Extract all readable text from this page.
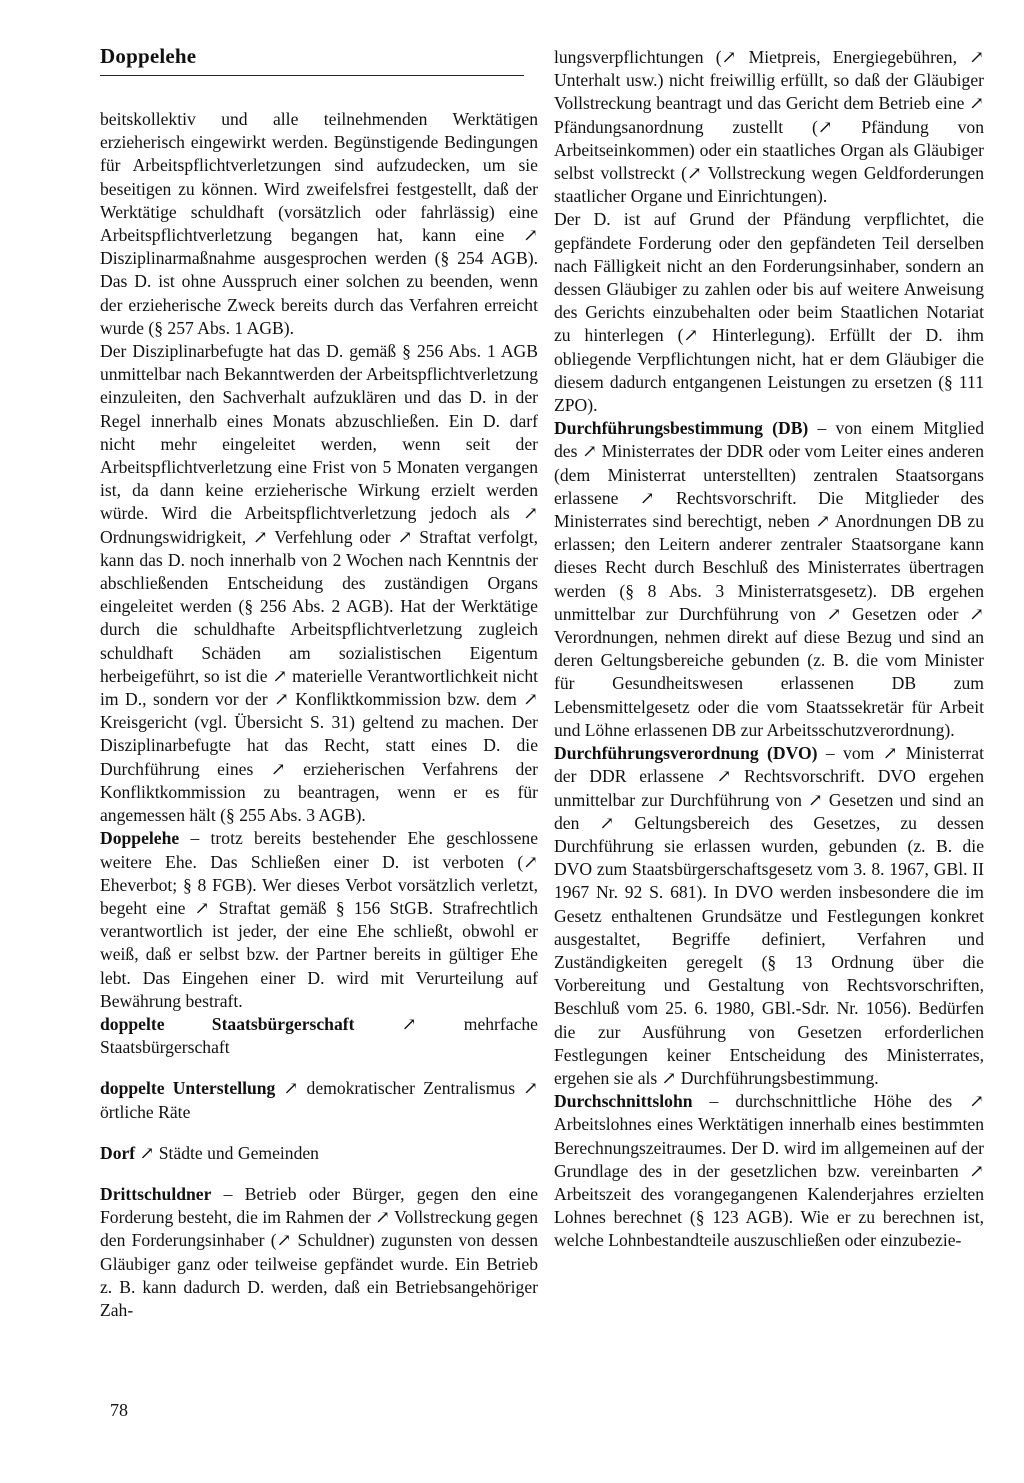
Doppelehe

beitskollektiv und alle teilnehmenden Werktätigen erzieherisch eingewirkt werden. Begünstigende Bedingungen für Arbeitspflichtverletzungen sind aufzudecken, um sie beseitigen zu können. Wird zweifelsfrei festgestellt, daß der Werktätige schuldhaft (vorsätzlich oder fahrlässig) eine Arbeitspflichtverletzung begangen hat, kann eine ↗ Disziplinarmaßnahme ausgesprochen werden (§ 254 AGB). Das D. ist ohne Ausspruch einer solchen zu beenden, wenn der erzieherische Zweck bereits durch das Verfahren erreicht wurde (§ 257 Abs. 1 AGB).

Der Disziplinarbefugte hat das D. gemäß § 256 Abs. 1 AGB unmittelbar nach Bekanntwerden der Arbeitspflichtverletzung einzuleiten, den Sachverhalt aufzuklären und das D. in der Regel innerhalb eines Monats abzuschließen. Ein D. darf nicht mehr eingeleitet werden, wenn seit der Arbeitspflichtverletzung eine Frist von 5 Monaten vergangen ist, da dann keine erzieherische Wirkung erzielt werden würde. Wird die Arbeitspflichtverletzung jedoch als ↗ Ordnungswidrigkeit, ↗ Verfehlung oder ↗ Straftat verfolgt, kann das D. noch innerhalb von 2 Wochen nach Kenntnis der abschließenden Entscheidung des zuständigen Organs eingeleitet werden (§ 256 Abs. 2 AGB). Hat der Werktätige durch die schuldhafte Arbeitspflichtverletzung zugleich schuldhaft Schäden am sozialistischen Eigentum herbeigeführt, so ist die ↗ materielle Verantwortlichkeit nicht im D., sondern vor der ↗ Konfliktkommission bzw. dem ↗ Kreisgericht (vgl. Übersicht S. 31) geltend zu machen. Der Disziplinarbefugte hat das Recht, statt eines D. die Durchführung eines ↗ erzieherischen Verfahrens der Konfliktkommission zu beantragen, wenn er es für angemessen hält (§ 255 Abs. 3 AGB).

Doppelehe – trotz bereits bestehender Ehe geschlossene weitere Ehe. Das Schließen einer D. ist verboten (↗ Eheverbot; § 8 FGB). Wer dieses Verbot vorsätzlich verletzt, begeht eine ↗ Straftat gemäß § 156 StGB. Strafrechtlich verantwortlich ist jeder, der eine Ehe schließt, obwohl er weiß, daß er selbst bzw. der Partner bereits in gültiger Ehe lebt. Das Eingehen einer D. wird mit Verurteilung auf Bewährung bestraft.

doppelte Staatsbürgerschaft ↗ mehrfache Staatsbürgerschaft

doppelte Unterstellung ↗ demokratischer Zentralismus ↗ örtliche Räte

Dorf ↗ Städte und Gemeinden

Drittschuldner – Betrieb oder Bürger, gegen den eine Forderung besteht, die im Rahmen der ↗ Vollstreckung gegen den Forderungsinhaber (↗ Schuldner) zugunsten von dessen Gläubiger ganz oder teilweise gepfändet wurde. Ein Betrieb z. B. kann dadurch D. werden, daß ein Betriebsangehöriger Zah-

lungsverpflichtungen (↗ Mietpreis, Energiegebühren, ↗ Unterhalt usw.) nicht freiwillig erfüllt, so daß der Gläubiger Vollstreckung beantragt und das Gericht dem Betrieb eine ↗ Pfändungsanordnung zustellt (↗ Pfändung von Arbeitseinkommen) oder ein staatliches Organ als Gläubiger selbst vollstreckt (↗ Vollstreckung wegen Geldforderungen staatlicher Organe und Einrichtungen).

Der D. ist auf Grund der Pfändung verpflichtet, die gepfändete Forderung oder den gepfändeten Teil derselben nach Fälligkeit nicht an den Forderungsinhaber, sondern an dessen Gläubiger zu zahlen oder bis auf weitere Anweisung des Gerichts einzubehalten oder beim Staatlichen Notariat zu hinterlegen (↗ Hinterlegung). Erfüllt der D. ihm obliegende Verpflichtungen nicht, hat er dem Gläubiger die diesem dadurch entgangenen Leistungen zu ersetzen (§ 111 ZPO).

Durchführungsbestimmung (DB) – von einem Mitglied des ↗ Ministerrates der DDR oder vom Leiter eines anderen (dem Ministerrat unterstellten) zentralen Staatsorgans erlassene ↗ Rechtsvorschrift. Die Mitglieder des Ministerrates sind berechtigt, neben ↗ Anordnungen DB zu erlassen; den Leitern anderer zentraler Staatsorgane kann dieses Recht durch Beschluß des Ministerrates übertragen werden (§ 8 Abs. 3 Ministerratsgesetz). DB ergehen unmittelbar zur Durchführung von ↗ Gesetzen oder ↗ Verordnungen, nehmen direkt auf diese Bezug und sind an deren Geltungsbereiche gebunden (z. B. die vom Minister für Gesundheitswesen erlassenen DB zum Lebensmittelgesetz oder die vom Staatssekretär für Arbeit und Löhne erlassenen DB zur Arbeitsschutzverordnung).

Durchführungsverordnung (DVO) – vom ↗ Ministerrat der DDR erlassene ↗ Rechtsvorschrift. DVO ergehen unmittelbar zur Durchführung von ↗ Gesetzen und sind an den ↗ Geltungsbereich des Gesetzes, zu dessen Durchführung sie erlassen wurden, gebunden (z. B. die DVO zum Staatsbürgerschaftsgesetz vom 3. 8. 1967, GBl. II 1967 Nr. 92 S. 681). In DVO werden insbesondere die im Gesetz enthaltenen Grundsätze und Festlegungen konkret ausgestaltet, Begriffe definiert, Verfahren und Zuständigkeiten geregelt (§ 13 Ordnung über die Vorbereitung und Gestaltung von Rechtsvorschriften, Beschluß vom 25. 6. 1980, GBl.-Sdr. Nr. 1056). Bedürfen die zur Ausführung von Gesetzen erforderlichen Festlegungen keiner Entscheidung des Ministerrates, ergehen sie als ↗ Durchführungsbestimmung.

Durchschnittslohn – durchschnittliche Höhe des ↗ Arbeitslohnes eines Werktätigen innerhalb eines bestimmten Berechnungszeitraumes. Der D. wird im allgemeinen auf der Grundlage des in der gesetzlichen bzw. vereinbarten ↗ Arbeitszeit des vorangegangenen Kalenderjahres erzielten Lohnes berechnet (§ 123 AGB). Wie er zu berechnen ist, welche Lohnbestandteile auszuschließen oder einzubezie-

78
